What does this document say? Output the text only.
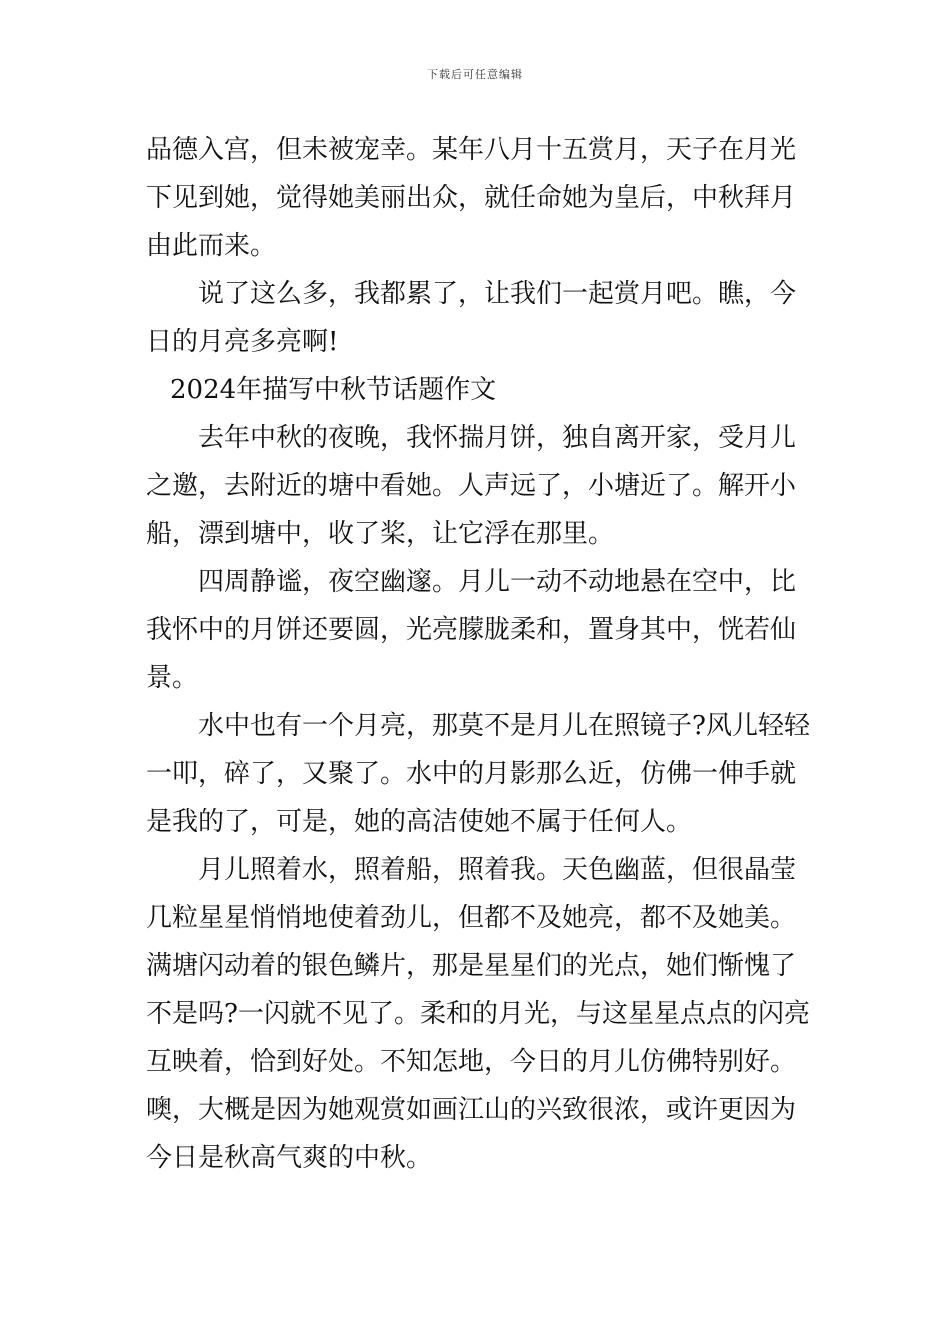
下载后可任意编辑
品德入宫，但未被宠幸。某年八月十五赏月，天子在月光
下见到她，觉得她美丽出众，就任命她为皇后，中秋拜月
由此而来。
说了这么多，我都累了，让我们一起赏月吧。瞧，今
日的月亮多亮啊!
2024年描写中秋节话题作文
去年中秋的夜晚，我怀揣月饼，独自离开家，受月儿
之邀，去附近的塘中看她。人声远了，小塘近了。解开小
船，漂到塘中，收了桨，让它浮在那里。
四周静谧，夜空幽邃。月儿一动不动地悬在空中，比
我怀中的月饼还要圆，光亮朦胧柔和，置身其中，恍若仙
景。
水中也有一个月亮，那莫不是月儿在照镜子?风儿轻轻
一叩，碎了，又聚了。水中的月影那么近，仿佛一伸手就
是我的了，可是，她的高洁使她不属于任何人。
月儿照着水，照着船，照着我。天色幽蓝，但很晶莹
几粒星星悄悄地使着劲儿，但都不及她亮，都不及她美。
满塘闪动着的银色鳞片，那是星星们的光点，她们惭愧了
不是吗?一闪就不见了。柔和的月光，与这星星点点的闪亮
互映着，恰到好处。不知怎地，今日的月儿仿佛特别好。
噢，大概是因为她观赏如画江山的兴致很浓，或许更因为
今日是秋高气爽的中秋。
